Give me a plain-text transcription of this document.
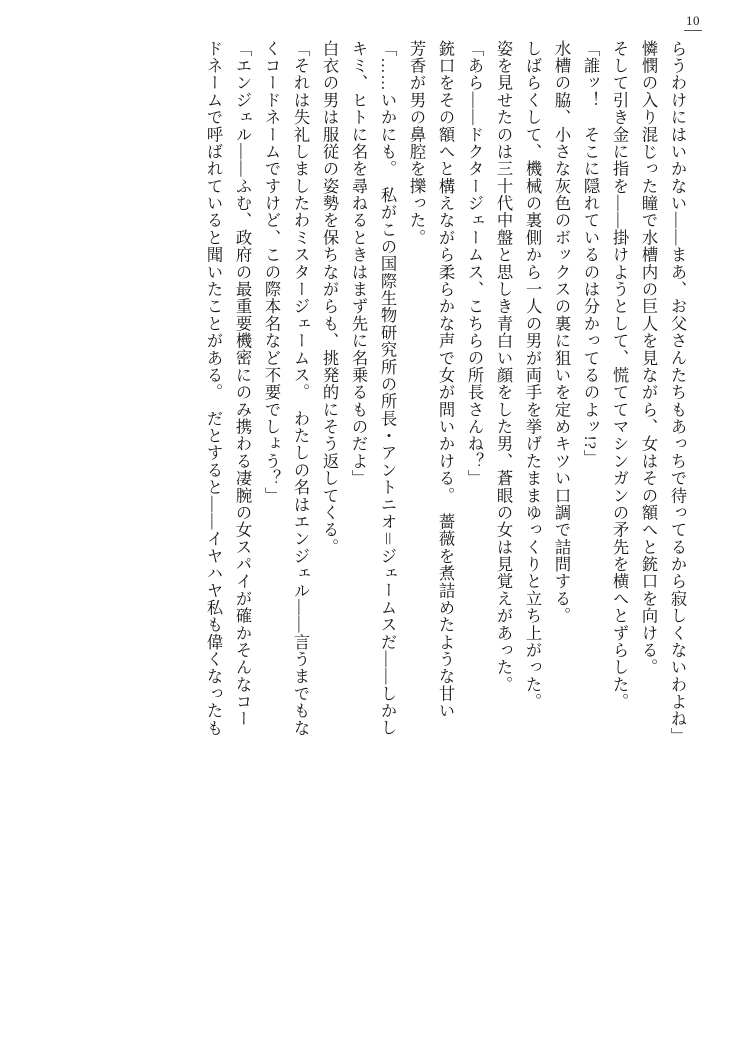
10

らうわけにはいかない——まあ、お父さんたちもあっちで待ってるから寂しくないわよね」

憐憫の入り混じった瞳で水槽内の巨人を見ながら、女はその額へと銃口を向ける。

そして引き金に指を——掛けようとして、慌ててマシンガンの矛先を横へとずらした。

「誰ッ！　そこに隠れているのは分かってるのよッ!?」

水槽の脇、小さな灰色のボックスの裏に狙いを定めキツい口調で詰問する。

しばらくして、機械の裏側から一人の男が両手を挙げたままゆっくりと立ち上がった。

姿を見せたのは三十代中盤と思しき青白い顔をした男、蒼眼の女は見覚えがあった。

「あら——ドクタージェームス、こちらの所長さんね？」

銃口をその額へと構えながら柔らかな声で女が問いかける。　薔薇を煮詰めたような甘い

芳香が男の鼻腔を擽った。

「……いかにも。　私がこの国際生物研究所の所長・アントニオ＝ジェームスだ——しかし

キミ、ヒトに名を尋ねるときはまず先に名乗るものだよ」

白衣の男は服従の姿勢を保ちながらも、挑発的にそう返してくる。

「それは失礼しましたわミスタージェームス。　わたしの名はエンジェル——言うまでもな

くコードネームですけど、この際本名など不要でしょう？」

「エンジェル——ふむ、政府の最重要機密にのみ携わる凄腕の女スパイが確かそんなコー

ドネームで呼ばれていると聞いたことがある。　だとすると——イヤハヤ私も偉くなったも
